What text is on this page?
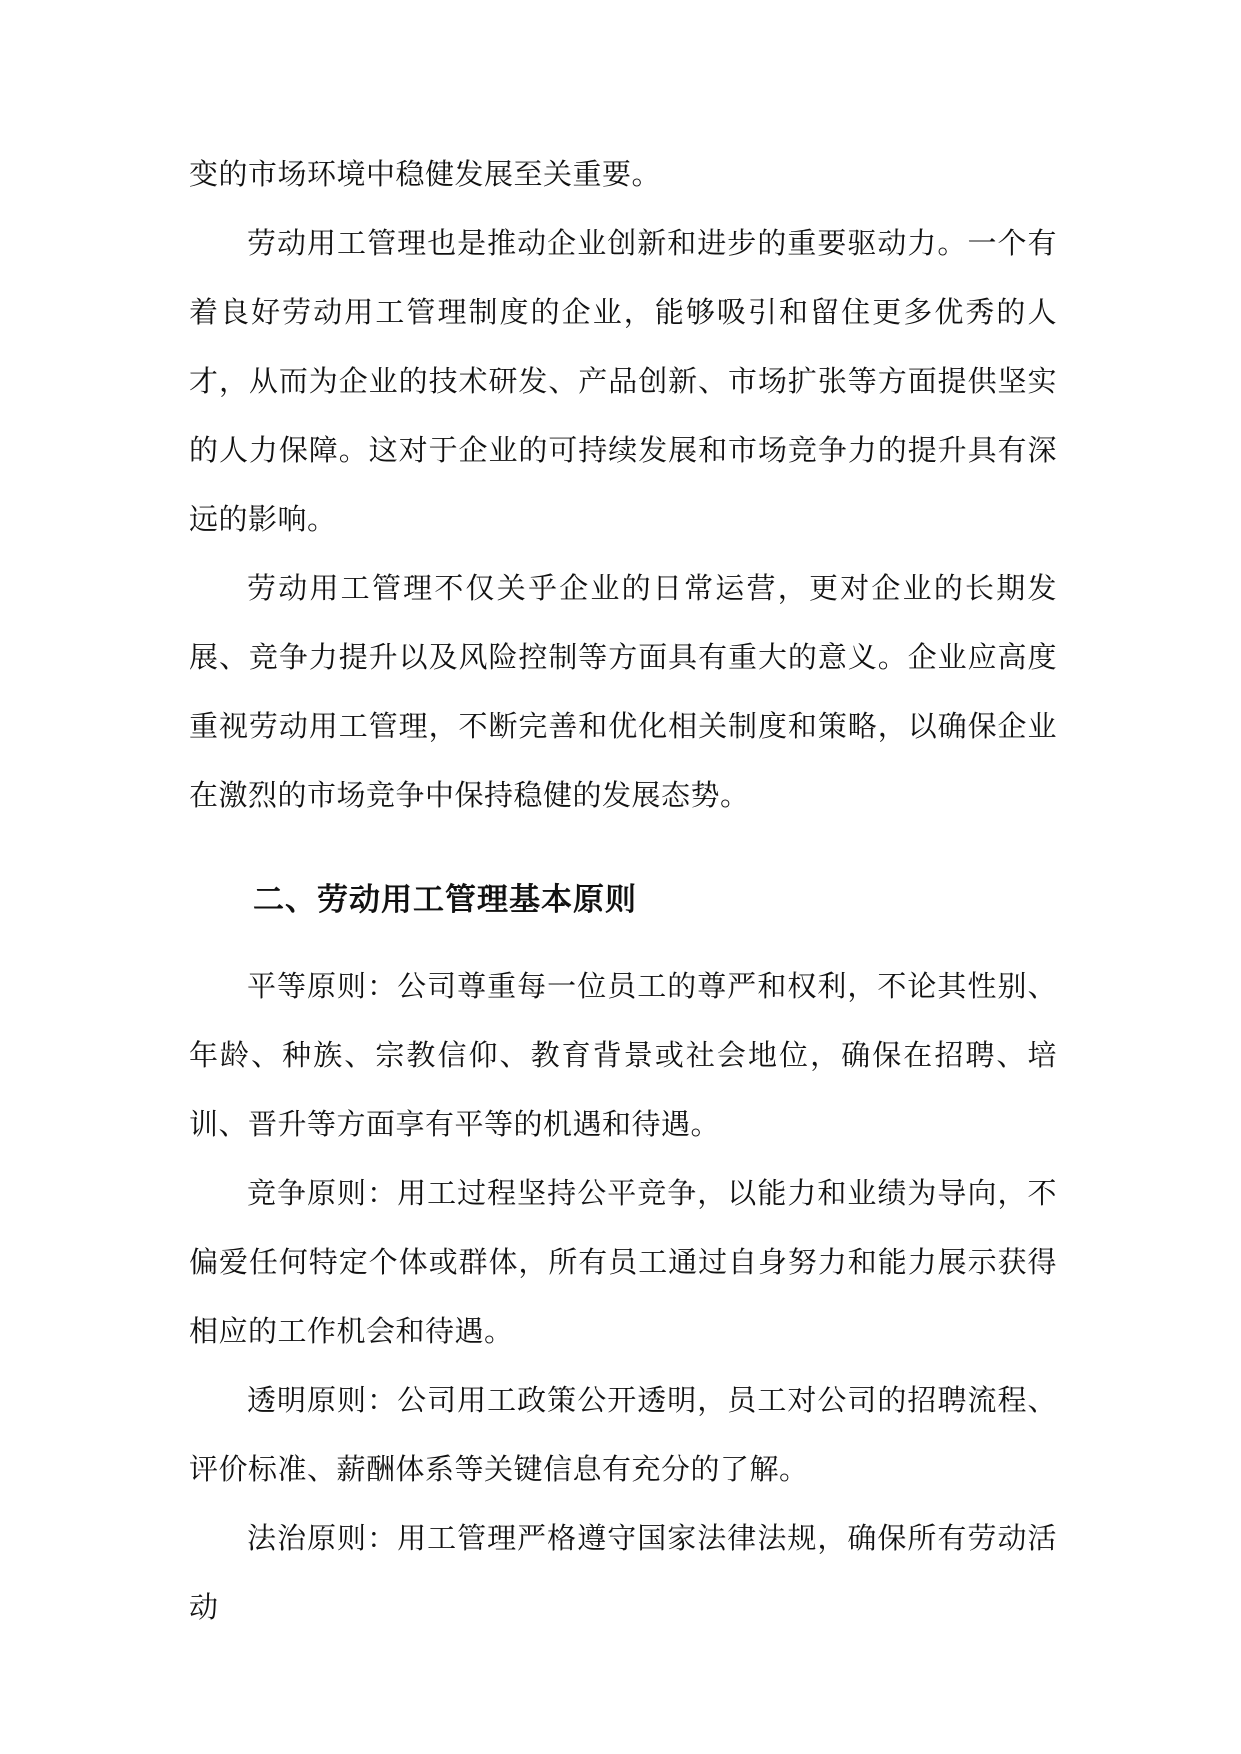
变的市场环境中稳健发展至关重要。

劳动用工管理也是推动企业创新和进步的重要驱动力。一个有着良好劳动用工管理制度的企业，能够吸引和留住更多优秀的人才，从而为企业的技术研发、产品创新、市场扩张等方面提供坚实的人力保障。这对于企业的可持续发展和市场竞争力的提升具有深远的影响。

劳动用工管理不仅关乎企业的日常运营，更对企业的长期发展、竞争力提升以及风险控制等方面具有重大的意义。企业应高度重视劳动用工管理，不断完善和优化相关制度和策略，以确保企业在激烈的市场竞争中保持稳健的发展态势。

二、劳动用工管理基本原则

平等原则：公司尊重每一位员工的尊严和权利，不论其性别、年龄、种族、宗教信仰、教育背景或社会地位，确保在招聘、培训、晋升等方面享有平等的机遇和待遇。

竞争原则：用工过程坚持公平竞争，以能力和业绩为导向，不偏爱任何特定个体或群体，所有员工通过自身努力和能力展示获得相应的工作机会和待遇。

透明原则：公司用工政策公开透明，员工对公司的招聘流程、评价标准、薪酬体系等关键信息有充分的了解。

法治原则：用工管理严格遵守国家法律法规，确保所有劳动活动
